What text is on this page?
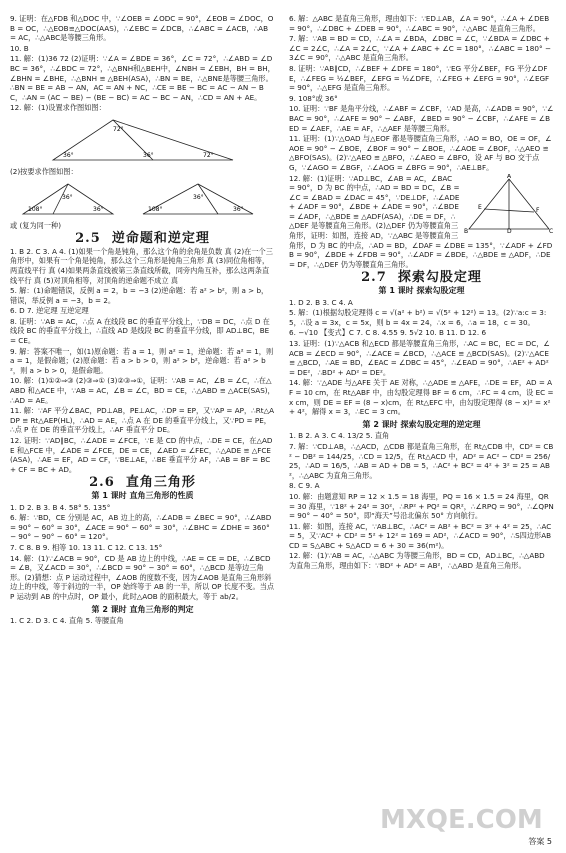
9. 证明：在△FDB 和△DOC 中，∵∠OEB = ∠ODC = 90°，∠EOB = ∠DOC，OB = OC，∴△EOB≌△DOC(AAS)，∴∠EBC = ∠DCB，∴∠ABC = ∠ACB，∴AB = AC，∴△ABC是等腰三角形。
10. B
11. 解：(1)36 72 (2)证明：∵∠A = ∠BDE = 36°，∠C = 72°，∴∠ABD = ∠DBC = 36°，∴∠BDC = 72°，∴△BNH和△BEH中，∠NBH = ∠EBH，BH = BH，∠BHN = ∠BHE，∴△BNH ≌ △BEH(ASA)，∴BN = BE，∴△BNE是等腰三角形。∴BN = BE = AB − AN，AC = AN + NC，∴CE = BE − BC = AC − AN − BC，∴AN = (AC − BE) − (BE − BC) = AC − BC − AN，∴CD = AN + AE。
12. 解：(1)设置求作图如图：
36°
72°
36°	72°
(2)按要求作图如图：
108°
36°
36°	108°
36°
36°
或 (复为同一种)
2.5 逆命题和逆定理
1. B 2. C 3. A 4. (1)如果一个角是钝角，那么这个角的余角是负数 真 (2)在一个三角形中，如果有一个角是钝角，那么这个三角形是钝角三角形 真 (3)同位角相等，两直线平行 真 (4)如果两条直线被第三条直线所截，同旁内角互补，那么这两条直线平行 真 (5)对顶角相等，对顶角的逆命题不成立 真
5. 解：(1)命题错误，反例 a = 2，b = −3 (2)逆命题：若 a² > b²，则 a > b，错误，举反例 a = −3，b = 2。
6. D 7. 逆定理 互逆定理
8. 证明：∵AB = AC，∴点 A 在线段 BC 的垂直平分线上，∵DB = DC，∴点 D 在线段 BC 的垂直平分线上，∴直线 AD 是线段 BC 的垂直平分线，即 AD⊥BC，BE = CE。
9. 解：答案不唯一，如(1)原命题：若 a = 1，则 a² = 1，逆命题：若 a² = 1，则 a = 1，是假命题；(2)原命题：若 a > b > 0，则 a² > b²，逆命题：若 a² > b²，则 a > b > 0，是假命题。
10. 解：(1)①②⇒③ (2)③⇒① (3)②③⇒①，证明：∵AB = AC，∠B = ∠C，∴在△ABD 和△ACE 中，∵AB = AC，∠B = ∠C，BD = CE，∴△ABD ≌ △ACE(SAS)，∴AD = AE。
11. 解：∵AF 平分∠BAC，PD⊥AB，PE⊥AC，∴DP = EP，又∵AP = AP，∴Rt△ADP ≌ Rt△AEP(HL)，∴AD = AE，∴点 A 在 DE 的垂直平分线上，又∵PD = PE，∴点 P 在 DE 的垂直平分线上，∴AF 垂直平分 DE。
12. 证明：∵AD∥BC，∴∠ADE = ∠FCE，∵E 是 CD 的中点，∴DE = CE，在△ADE 和△FCE 中，∠ADE = ∠FCE，DE = CE，∠AED = ∠FEC，∴△ADE ≌ △FCE(ASA)，∴AE = EF，AD = CF，∵BE⊥AE，∴BE 垂直平分 AF，∴AB = BF = BC + CF = BC + AD。
2.6 直角三角形
第 1 课时 直角三角形的性质
1. D 2. B 3. B 4. 58° 5. 135°
6. 解：∵BD，CE 分别是 AC，AB 边上的高，∴∠ADB = ∠BEC = 90°，∴∠ABD = 90° − 60° = 30°，∠ACE = 90° − 60° = 30°，∴∠BHC = ∠DHE = 360° − 90° − 90° − 60° = 120°。
7. C 8. B 9. 相等 10. 13 11. C 12. C 13. 15°
14. 解：(1)∵∠ACB = 90°，CD 是 AB 边上的中线，∴AE = CE = DE，∴∠BCD = ∠B，又∠ACD = 30°，∴∠BCD = 90° − 30° = 60°，∴△BCD 是等边三角形。(2)猜想：点 P 运动过程中，∠AOB 的度数不变，因为∠AOB 是直角三角形斜边上的中线，等于斜边的一半，OP 始终等于 AB 的一半，所以 OP 长度不变。当点 P 运动到 AB 的中点时，OP 最小，此时△AOB 的面积最大，等于 ab/2。
第 2 课时 直角三角形的判定
1. C 2. D 3. C 4. 直角 5. 等腰直角
6. 解：△ABC 是直角三角形，理由如下：∵ED⊥AB，∠A = 90°，∴∠A + ∠DEB = 90°，∴∠DBC + ∠DEB = 90°，∴∠ABC = 90°，∴△ABC 是直角三角形。
7. 解：∵AB = BD = CD，∴∠A = ∠BDA，∠DBC = ∠C，∵∠BDA = ∠DBC + ∠C = 2∠C，∴∠A = 2∠C，∵∠A + ∠ABC + ∠C = 180°，∴∠ABC = 180° − 3∠C = 90°，∴△ABC 是直角三角形。
8. 证明：∵AB∥CD，∴∠BEF + ∠DFE = 180°，∵EG 平分∠BEF，FG 平分∠DFE，∴∠FEG = ½∠BEF，∠EFG = ½∠DFE，∴∠FEG + ∠EFG = 90°，∴∠EGF = 90°，∴△EFG 是直角三角形。
9. 108°或 36°
10. 证明：∵BF 是角平分线，∴∠ABF = ∠CBF，∵AD 是高，∴∠ADB = 90°，∵∠BAC = 90°，∴∠AFE = 90° − ∠ABF，∠BED = 90° − ∠CBF，∴∠AFE = ∠BED = ∠AEF，∴AE = AF，∴△AEF 是等腰三角形。
11. 证明：(1)∵△OAD 与△EOF 都是等腰直角三角形，∴AO = BO，OE = OF，∠AOE = 90° − ∠BOE，∠BOF = 90° − ∠BOE，∴∠AOE = ∠BOF，∴△AEO ≌ △BFO(SAS)。(2)∵△AEO ≌ △BFO，∴∠AEO = ∠BFO，设 AF 与 BO 交于点 G，∵∠AGO = ∠BGF，∴∠AOG = ∠BFG = 90°，∴AE⊥BF。
A
B	C
D
E	F
12. 解：(1)证明：∵AD⊥BC，∠AB = AC，∠BAC = 90°，D 为 BC 的中点，∴AD = BD = DC，∠B = ∠C = ∠BAD = ∠DAC = 45°，∵DE⊥DF，∴∠ADE + ∠ADF = 90°，∠BDE + ∠ADE = 90°，∴∠BDE = ∠ADF，∴△BDE ≌ △ADF(ASA)，∴DE = DF，∴△DEF 是等腰直角三角形。(2)△DEF 仍为等腰直角三角形，证明：如图，连接 AD，∵△ABC 是等腰直角三角形，D 为 BC 的中点，∴AD = BD，∠DAF = ∠DBE = 135°，∵∠ADF + ∠FDB = 90°，∠BDE + ∠FDB = 90°，∴∠ADF = ∠BDE，∴△BDE ≌ △ADF，∴DE = DF，∴△DEF 仍为等腰直角三角形。
2.7 探索勾股定理
第 1 课时 探索勾股定理
1. D 2. B 3. C 4. A
5. 解：(1)根据勾股定理得 c = √(a² + b²) = √(5² + 12²) = 13。(2)∵a:c = 3:5，∴设 a = 3x，c = 5x，则 b = 4x = 24，∴x = 6，∴a = 18，c = 30。
6. −√10 【变式】C 7. C 8. 4.55 9. 5√2 10. B 11. D 12. 6
13. 证明：(1)∵△ACB 和△ECD 都是等腰直角三角形，∴AC = BC，EC = DC，∠ACB = ∠ECD = 90°，∴∠ACE = ∠BCD，∴△ACE ≌ △BCD(SAS)。(2)∵△ACE ≌ △BCD，∴AE = BD，∠EAC = ∠DBC = 45°，∴∠EAD = 90°，∴AE² + AD² = DE²，∴BD² + AD² = DE²。
14. 解：∵△ADE 与△AFE 关于 AE 对称，∴△ADE ≌ △AFE，∴DE = EF，AD = AF = 10 cm，在 Rt△ABF 中，由勾股定理得 BF = 6 cm，∴FC = 4 cm，设 EC = x cm，则 DE = EF = (8 − x)cm，在 Rt△EFC 中，由勾股定理得 (8 − x)² = x² + 4²，解得 x = 3，∴EC = 3 cm。
第 2 课时 探索勾股定理的逆定理
1. B 2. A 3. C 4. 13/2 5. 直角
7. 解：∵CD⊥AB，∴△ACD，△CDB 都是直角三角形，在 Rt△CDB 中，CD² = CB² − DB² = 144/25，∴CD = 12/5，在 Rt△ACD 中，AD² = AC² − CD² = 256/25，∴AD = 16/5，∴AB = AD + DB = 5，∴AC² + BC² = 4² + 3² = 25 = AB²，∴△ABC 为直角三角形。
8. C 9. A
10. 解：由题意知 RP = 12 × 1.5 = 18 海里，PQ = 16 × 1.5 = 24 海里，QR = 30 海里，∵18² + 24² = 30²，∴RP² + PQ² = QR²，∴∠RPQ = 90°，∴∠QPN = 90° − 40° = 50°，即“海天”号沿北偏东 50° 方向航行。
11. 解：如图，连接 AC，∵AB⊥BC，∴AC² = AB² + BC² = 3² + 4² = 25，∴AC = 5，又∵AC² + CD² = 5² + 12² = 169 = AD²，∴∠ACD = 90°，∴S四边形ABCD = S△ABC + S△ACD = 6 + 30 = 36(m²)。
12. 解：(1)∵AB = AC，∴△ABC 为等腰三角形，BD = CD，AD⊥BC，∴△ABD 为直角三角形，理由如下：∵BD² + AD² = AB²，∴△ABD 是直角三角形。
MXQE.COM
答案 5
